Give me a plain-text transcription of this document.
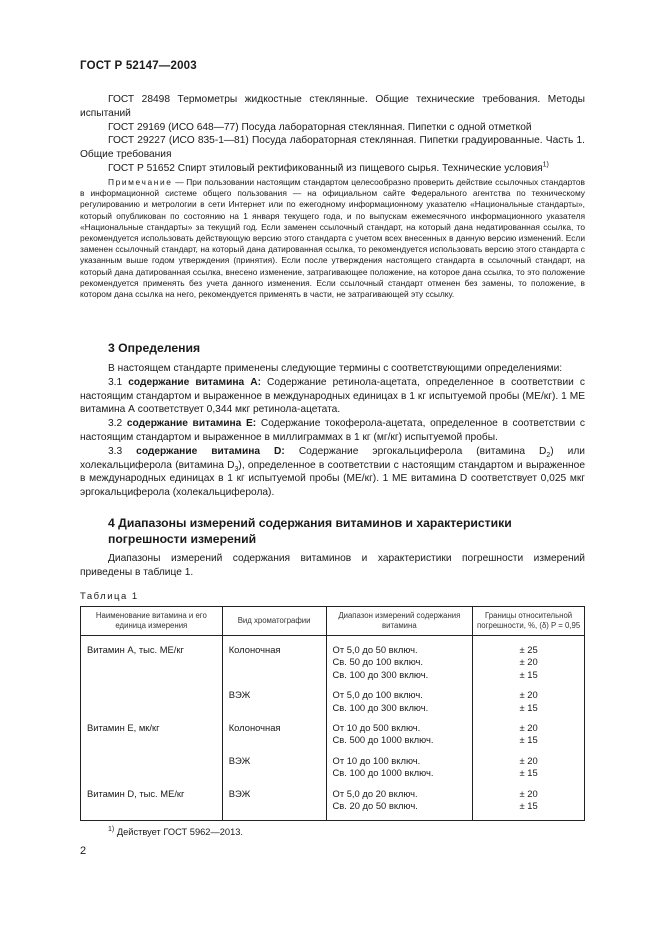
ГОСТ Р 52147—2003
ГОСТ 28498 Термометры жидкостные стеклянные. Общие технические требования. Методы испытаний
ГОСТ 29169 (ИСО 648—77) Посуда лабораторная стеклянная. Пипетки с одной отметкой
ГОСТ 29227 (ИСО 835-1—81) Посуда лабораторная стеклянная. Пипетки градуированные. Часть 1. Общие требования
ГОСТ Р 51652 Спирт этиловый ректификованный из пищевого сырья. Технические условия$^{1)}$
Примечание — При пользовании настоящим стандартом целесообразно проверить действие ссылочных стандартов в информационной системе общего пользования — на официальном сайте Федерального агентства по техническому регулированию и метрологии в сети Интернет или по ежегодному информационному указателю «Национальные стандарты», который опубликован по состоянию на 1 января текущего года, и по выпускам ежемесячного информационного указателя «Национальные стандарты» за текущий год. Если заменен ссылочный стандарт, на который дана недатированная ссылка, то рекомендуется использовать действующую версию этого стандарта с учетом всех внесенных в данную версию изменений. Если заменен ссылочный стандарт, на который дана датированная ссылка, то рекомендуется использовать версию этого стандарта с указанным выше годом утверждения (принятия). Если после утверждения настоящего стандарта в ссылочный стандарт, на который дана датированная ссылка, внесено изменение, затрагивающее положение, на которое дана ссылка, то это положение рекомендуется применять без учета данного изменения. Если ссылочный стандарт отменен без замены, то положение, в котором дана ссылка на него, рекомендуется применять в части, не затрагивающей эту ссылку.
3 Определения
В настоящем стандарте применены следующие термины с соответствующими определениями:
3.1 содержание витамина А: Содержание ретинола-ацетата, определенное в соответствии с настоящим стандартом и выраженное в международных единицах в 1 кг испытуемой пробы (МЕ/кг). 1 МЕ витамина А соответствует 0,344 мкг ретинола-ацетата.
3.2 содержание витамина Е: Содержание токоферола-ацетата, определенное в соответствии с настоящим стандартом и выраженное в миллиграммах в 1 кг (мг/кг) испытуемой пробы.
3.3 содержание витамина D: Содержание эргокальциферола (витамина $D_2$) или холекальциферола (витамина $D_3$), определенное в соответствии с настоящим стандартом и выраженное в международных единицах в 1 кг испытуемой пробы (МЕ/кг). 1 МЕ витамина D соответствует 0,025 мкг эргокальциферола (холекальциферола).
4 Диапазоны измерений содержания витаминов и характеристики погрешности измерений
Диапазоны измерений содержания витаминов и характеристики погрешности измерений приведены в таблице 1.
Таблица 1
Наименование витамина и его единица измерения	Вид хроматографии	Диапазон измерений содержания витамина	Границы относительной погрешности, %, (δ) P = 0,95

Витамин А, тыс. МЕ/кг	Колоночная	От 5,0 до 50 включ.	± 25
		Св. 50 до 100 включ.	± 20
		Св. 100 до 300 включ.	± 15

	ВЭЖ	От 5,0 до 100 включ.	± 20
		Св. 100 до 300 включ.	± 15

Витамин Е, мк/кг	Колоночная	От 10 до 500 включ.	± 20
		Св. 500 до 1000 включ.	± 15

	ВЭЖ	От 10 до 100 включ.	± 20
		Св. 100 до 1000 включ.	± 15

Витамин D, тыс. МЕ/кг	ВЭЖ	От 5,0 до 20 включ.	± 20
		Св. 20 до 50 включ.	± 15

$^{1)}$ Действует ГОСТ 5962—2013.
2
